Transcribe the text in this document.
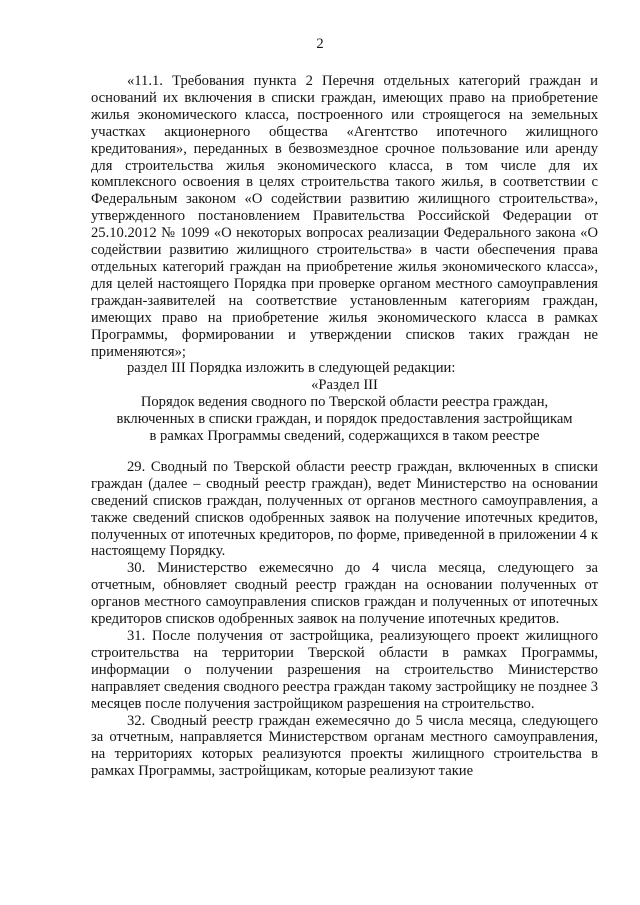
2

«11.1. Требования пункта 2 Перечня отдельных категорий граждан и оснований их включения в списки граждан, имеющих право на приобретение жилья экономического класса, построенного или строящегося на земельных участках акционерного общества «Агентство ипотечного жилищного кредитования», переданных в безвозмездное срочное пользование или аренду для строительства жилья экономического класса, в том числе для их комплексного освоения в целях строительства такого жилья, в соответствии с Федеральным законом «О содействии развитию жилищного строительства», утвержденного постановлением Правительства Российской Федерации от 25.10.2012 № 1099 «О некоторых вопросах реализации Федерального закона «О содействии развитию жилищного строительства» в части обеспечения права отдельных категорий граждан на приобретение жилья экономического класса», для целей настоящего Порядка при проверке органом местного самоуправления граждан-заявителей на соответствие установленным категориям граждан, имеющих право на приобретение жилья экономического класса в рамках Программы, формировании и утверждении списков таких граждан не применяются»;

раздел III Порядка изложить в следующей редакции:

«Раздел III

Порядок ведения сводного по Тверской области реестра граждан,

включенных в списки граждан, и порядок предоставления застройщикам

в рамках Программы сведений, содержащихся в таком реестре

29. Сводный по Тверской области реестр граждан, включенных в списки граждан (далее – сводный реестр граждан), ведет Министерство на основании сведений списков граждан, полученных от органов местного самоуправления, а также сведений списков одобренных заявок на получение ипотечных кредитов, полученных от ипотечных кредиторов, по форме, приведенной в приложении 4 к настоящему Порядку.

30. Министерство ежемесячно до 4 числа месяца, следующего за отчетным, обновляет сводный реестр граждан на основании полученных от органов местного самоуправления списков граждан и полученных от ипотечных кредиторов списков одобренных заявок на получение ипотечных кредитов.

31. После получения от застройщика, реализующего проект жилищного строительства на территории Тверской области в рамках Программы, информации о получении разрешения на строительство Министерство направляет сведения сводного реестра граждан такому застройщику не позднее 3 месяцев после получения застройщиком разрешения на строительство.

32. Сводный реестр граждан ежемесячно до 5 числа месяца, следующего за отчетным, направляется Министерством органам местного самоуправления, на территориях которых реализуются проекты жилищного строительства в рамках Программы, застройщикам, которые реализуют такие
